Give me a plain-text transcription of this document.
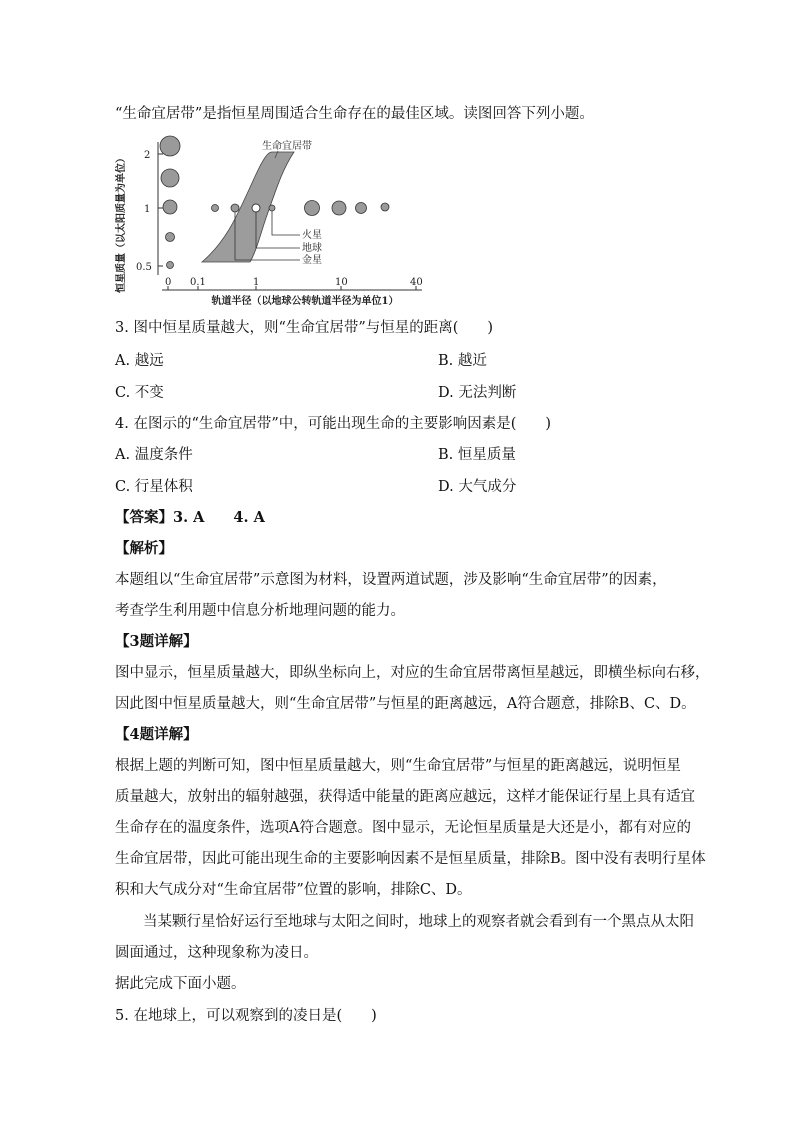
“生命宜居带”是指恒星周围适合生命存在的最佳区域。读图回答下列小题。
恒星质量（以太阳质量为单位） 2
1
0.5
0 0.1	1	10	40
轨道半径（以地球公转轨道半径为单位1）
生命宜居带
火星
地球
金星
3. 图中恒星质量越大，则“生命宜居带”与恒星的距离(　　)
A. 越远	B. 越近
C. 不变	D. 无法判断
4. 在图示的“生命宜居带”中，可能出现生命的主要影响因素是(　　)
A. 温度条件	B. 恒星质量
C. 行星体积	D. 大气成分
【答案】3. A　　4. A
【解析】
本题组以“生命宜居带”示意图为材料，设置两道试题，涉及影响“生命宜居带”的因素，
考查学生利用题中信息分析地理问题的能力。
【3题详解】
图中显示，恒星质量越大，即纵坐标向上，对应的生命宜居带离恒星越远，即横坐标向右移，
因此图中恒星质量越大，则“生命宜居带”与恒星的距离越远，A符合题意，排除B、C、D。
【4题详解】
根据上题的判断可知，图中恒星质量越大，则“生命宜居带”与恒星的距离越远，说明恒星
质量越大，放射出的辐射越强，获得适中能量的距离应越远，这样才能保证行星上具有适宜
生命存在的温度条件，选项A符合题意。图中显示，无论恒星质量是大还是小，都有对应的
生命宜居带，因此可能出现生命的主要影响因素不是恒星质量，排除B。图中没有表明行星体
积和大气成分对“生命宜居带”位置的影响，排除C、D。
当某颗行星恰好运行至地球与太阳之间时，地球上的观察者就会看到有一个黑点从太阳
圆面通过，这种现象称为凌日。
据此完成下面小题。
5. 在地球上，可以观察到的凌日是(　　)
